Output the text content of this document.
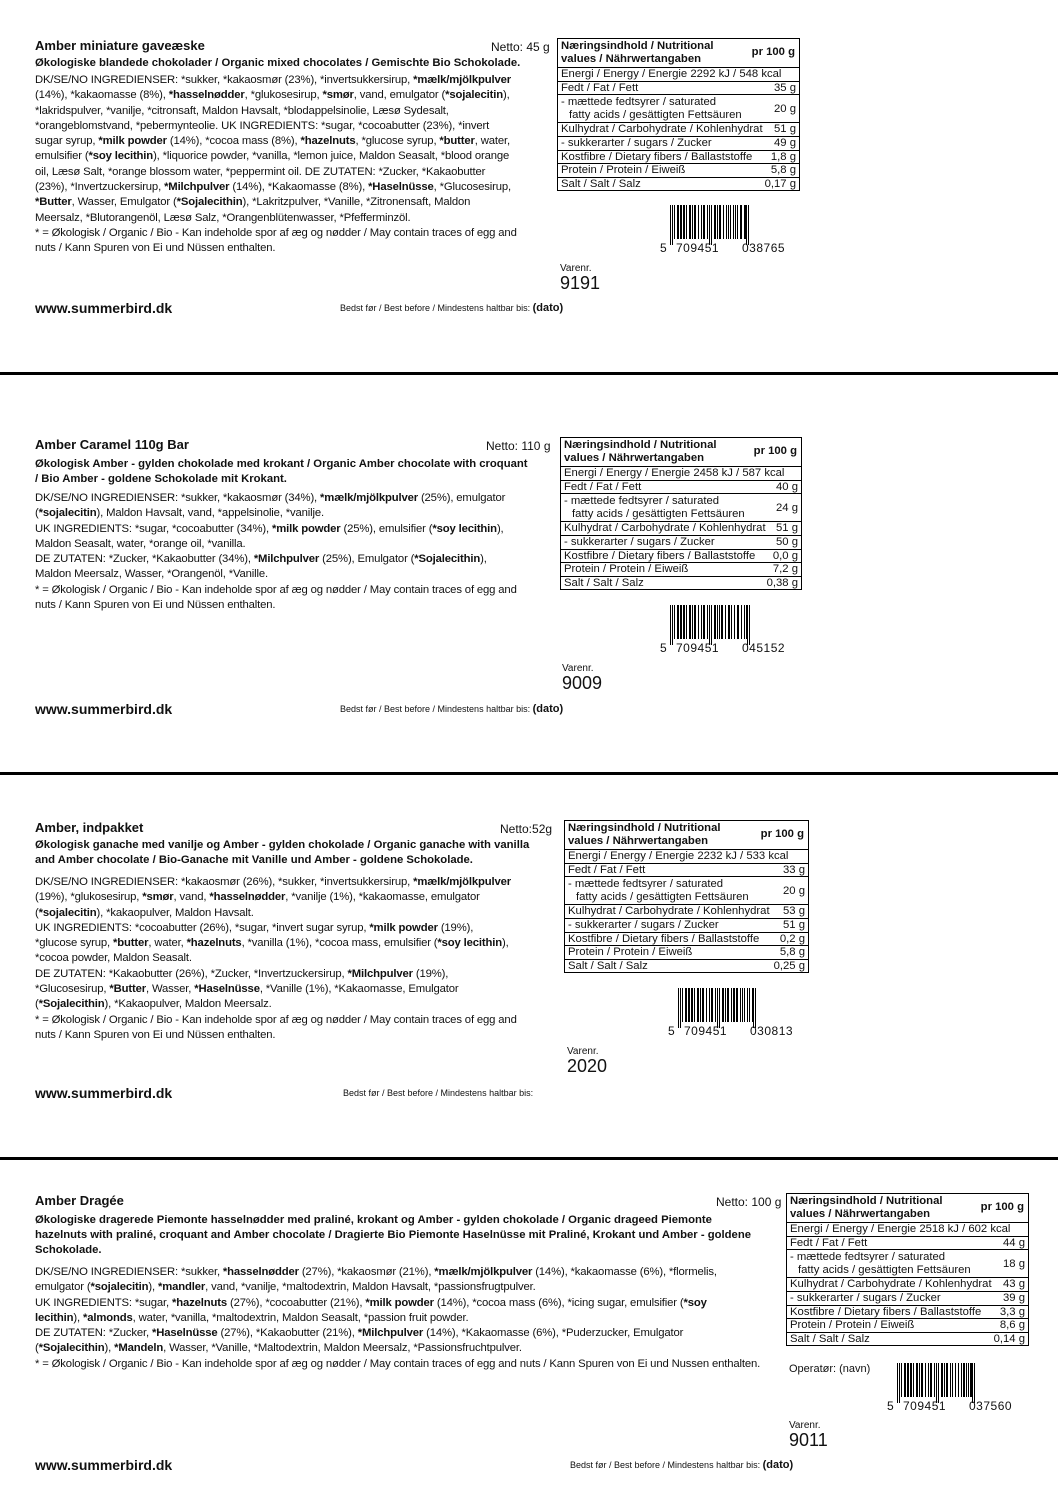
Amber miniature gaveæske	Netto: 45 g
Økologiske blandede chokolader / Organic mixed chocolates / Gemischte Bio Schokolade.

DK/SE/NO INGREDIENSER: *sukker, *kakaosmør (23%), *invertsukkersirup, *mælk/mjölkpulver

(14%), *kakaomasse (8%), *hasselnødder, *glukosesirup, *smør, vand, emulgator (*sojalecitin),

*lakridspulver, *vanilje, *citronsaft, Maldon Havsalt, *blodappelsinolie, Læsø Sydesalt,

*orangeblomstvand, *pebermynteolie. UK INGREDIENTS: *sugar, *cocoabutter (23%), *invert

sugar syrup, *milk powder (14%), *cocoa mass (8%), *hazelnuts, *glucose syrup, *butter, water,

emulsifier (*soy lecithin), *liquorice powder, *vanilla, *lemon juice, Maldon Seasalt, *blood orange

oil, Læsø Salt, *orange blossom water, *peppermint oil. DE ZUTATEN: *Zucker, *Kakaobutter

(23%), *Invertzuckersirup, *Milchpulver (14%), *Kakaomasse (8%), *Haselnüsse, *Glucosesirup,

*Butter, Wasser, Emulgator (*Sojalecithin), *Lakritzpulver, *Vanille, *Zitronensaft, Maldon

Meersalz, *Blutorangenöl, Læsø Salz, *Orangenblütenwasser, *Pfefferminzöl.

* = Økologisk / Organic / Bio - Kan indeholde spor af æg og nødder / May contain traces of egg and

nuts / Kann Spuren von Ei und Nüssen enthalten.

Næringsindhold / Nutritional
values / Nährwertangaben
pr 100 g
Energi / Energy / Energie 2292 kJ / 548 kcal
Fedt / Fat / Fett	35 g
- mættede fedtsyrer / saturated
fatty acids / gesättigten Fettsäuren
20 g
Kulhydrat / Carbohydrate / Kohlenhydrat 51 g
- sukkerarter / sugars / Zucker	49 g
Kostfibre / Dietary fibers / Ballaststoffe 1,8 g
Protein / Protein / Eiweiß	5,8 g
Salt / Salt / Salz	0,17 g
5 709451 038765
Varenr.
9191
www.summerbird.dk	Bedst før / Best before / Mindestens haltbar bis: (dato)
Amber Caramel 110g Bar	Netto: 110 g
Økologisk Amber - gylden chokolade med krokant / Organic Amber chocolate with croquant
/ Bio Amber - goldene Schokolade mit Krokant.

DK/SE/NO INGREDIENSER: *sukker, *kakaosmør (34%), *mælk/mjölkpulver (25%), emulgator

(*sojalecitin), Maldon Havsalt, vand, *appelsinolie, *vanilje.

UK INGREDIENTS: *sugar, *cocoabutter (34%), *milk powder (25%), emulsifier (*soy lecithin),

Maldon Seasalt, water, *orange oil, *vanilla.

DE ZUTATEN: *Zucker, *Kakaobutter (34%), *Milchpulver (25%), Emulgator (*Sojalecithin),

Maldon Meersalz, Wasser, *Orangenöl, *Vanille.

* = Økologisk / Organic / Bio - Kan indeholde spor af æg og nødder / May contain traces of egg and

nuts / Kann Spuren von Ei und Nüssen enthalten.

Næringsindhold / Nutritional
values / Nährwertangaben
pr 100 g
Energi / Energy / Energie 2458 kJ / 587 kcal
Fedt / Fat / Fett	40 g
- mættede fedtsyrer / saturated
fatty acids / gesättigten Fettsäuren
24 g
Kulhydrat / Carbohydrate / Kohlenhydrat 51 g
- sukkerarter / sugars / Zucker	50 g
Kostfibre / Dietary fibers / Ballaststoffe 0,0 g
Protein / Protein / Eiweiß	7,2 g
Salt / Salt / Salz	0,38 g
5 709451 045152
Varenr.
9009
www.summerbird.dk	Bedst før / Best before / Mindestens haltbar bis: (dato)
Amber, indpakket	Netto:52g
Økologisk ganache med vanilje og Amber - gylden chokolade / Organic ganache with vanilla
and Amber chocolate / Bio-Ganache mit Vanille und Amber - goldene Schokolade.

DK/SE/NO INGREDIENSER: *kakaosmør (26%), *sukker, *invertsukkersirup, *mælk/mjölkpulver

(19%), *glukosesirup, *smør, vand, *hasselnødder, *vanilje (1%), *kakaomasse, emulgator

(*sojalecitin), *kakaopulver, Maldon Havsalt.

UK INGREDIENTS: *cocoabutter (26%), *sugar, *invert sugar syrup, *milk powder (19%),

*glucose syrup, *butter, water, *hazelnuts, *vanilla (1%), *cocoa mass, emulsifier (*soy lecithin),

*cocoa powder, Maldon Seasalt.

DE ZUTATEN: *Kakaobutter (26%), *Zucker, *Invertzuckersirup, *Milchpulver (19%),

*Glucosesirup, *Butter, Wasser, *Haselnüsse, *Vanille (1%), *Kakaomasse, Emulgator

(*Sojalecithin), *Kakaopulver, Maldon Meersalz.

* = Økologisk / Organic / Bio - Kan indeholde spor af æg og nødder / May contain traces of egg and

nuts / Kann Spuren von Ei und Nüssen enthalten.

Næringsindhold / Nutritional
values / Nährwertangaben
pr 100 g
Energi / Energy / Energie 2232 kJ / 533 kcal
Fedt / Fat / Fett	33 g
- mættede fedtsyrer / saturated
fatty acids / gesättigten Fettsäuren
20 g
Kulhydrat / Carbohydrate / Kohlenhydrat 53 g
- sukkerarter / sugars / Zucker	51 g
Kostfibre / Dietary fibers / Ballaststoffe 0,2 g
Protein / Protein / Eiweiß	5,8 g
Salt / Salt / Salz	0,25 g
5 709451 030813
Varenr.
2020
www.summerbird.dk	Bedst før / Best before / Mindestens haltbar bis:
Amber Dragée	Netto: 100 g
Økologiske dragerede Piemonte hasselnødder med praliné, krokant og Amber - gylden chokolade / Organic drageed Piemonte
hazelnuts with praliné, croquant and Amber chocolate / Dragierte Bio Piemonte Haselnüsse mit Praliné, Krokant und Amber - goldene
Schokolade.

DK/SE/NO INGREDIENSER: *sukker, *hasselnødder (27%), *kakaosmør (21%), *mælk/mjölkpulver (14%), *kakaomasse (6%), *flormelis,

emulgator (*sojalecitin), *mandler, vand, *vanilje, *maltodextrin, Maldon Havsalt, *passionsfrugtpulver.

UK INGREDIENTS: *sugar, *hazelnuts (27%), *cocoabutter (21%), *milk powder (14%), *cocoa mass (6%), *icing sugar, emulsifier (*soy

lecithin), *almonds, water, *vanilla, *maltodextrin, Maldon Seasalt, *passion fruit powder.

DE ZUTATEN: *Zucker, *Haselnüsse (27%), *Kakaobutter (21%), *Milchpulver (14%), *Kakaomasse (6%), *Puderzucker, Emulgator

(*Sojalecithin), *Mandeln, Wasser, *Vanille, *Maltodextrin, Maldon Meersalz, *Passionsfruchtpulver.

* = Økologisk / Organic / Bio - Kan indeholde spor af æg og nødder / May contain traces of egg and nuts / Kann Spuren von Ei und Nussen enthalten.

Næringsindhold / Nutritional
values / Nährwertangaben
pr 100 g
Energi / Energy / Energie 2518 kJ / 602 kcal
Fedt / Fat / Fett	44 g
- mættede fedtsyrer / saturated
fatty acids / gesättigten Fettsäuren
18 g
Kulhydrat / Carbohydrate / Kohlenhydrat 43 g
- sukkerarter / sugars / Zucker	39 g
Kostfibre / Dietary fibers / Ballaststoffe 3,3 g
Protein / Protein / Eiweiß	8,6 g
Salt / Salt / Salz	0,14 g
Operatør: (navn)
5 709451 037560
Varenr.
9011
www.summerbird.dk	Bedst før / Best before / Mindestens haltbar bis: (dato)
